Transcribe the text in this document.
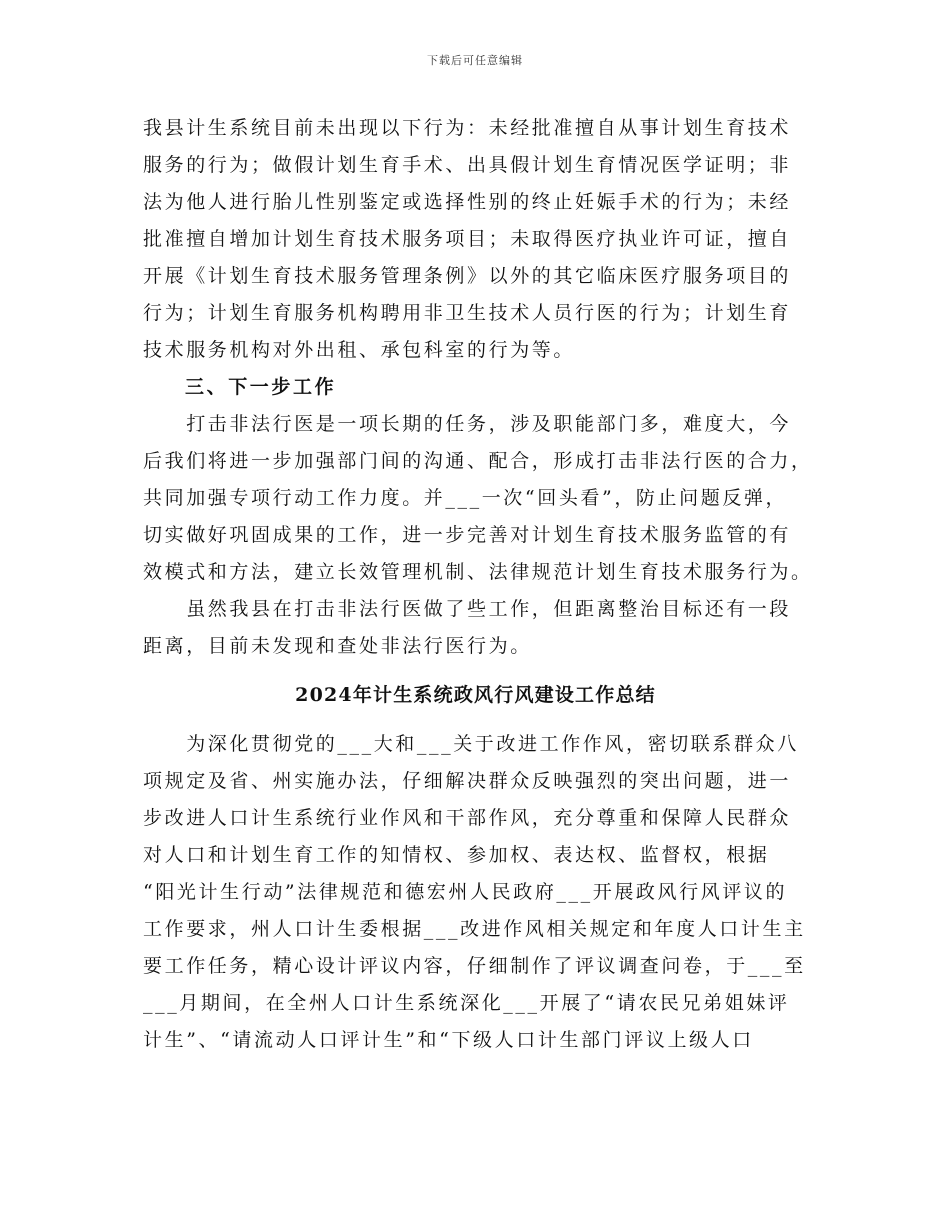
下载后可任意编辑
我县计生系统目前未出现以下行为：未经批准擅自从事计划生育技术
服务的行为；做假计划生育手术、出具假计划生育情况医学证明；非
法为他人进行胎儿性别鉴定或选择性别的终止妊娠手术的行为；未经
批准擅自增加计划生育技术服务项目；未取得医疗执业许可证，擅自
开展《计划生育技术服务管理条例》以外的其它临床医疗服务项目的
行为；计划生育服务机构聘用非卫生技术人员行医的行为；计划生育
技术服务机构对外出租、承包科室的行为等。
三、下一步工作
　　打击非法行医是一项长期的任务，涉及职能部门多，难度大，今
后我们将进一步加强部门间的沟通、配合，形成打击非法行医的合力，
共同加强专项行动工作力度。并___一次“回头看”，防止问题反弹，
切实做好巩固成果的工作，进一步完善对计划生育技术服务监管的有
效模式和方法，建立长效管理机制、法律规范计划生育技术服务行为。
　　虽然我县在打击非法行医做了些工作，但距离整治目标还有一段
距离，目前未发现和查处非法行医行为。
2024年计生系统政风行风建设工作总结
　　为深化贯彻党的___大和___关于改进工作作风，密切联系群众八
项规定及省、州实施办法，仔细解决群众反映强烈的突出问题，进一
步改进人口计生系统行业作风和干部作风，充分尊重和保障人民群众
对人口和计划生育工作的知情权、参加权、表达权、监督权，根据
“阳光计生行动”法律规范和德宏州人民政府___开展政风行风评议的
工作要求，州人口计生委根据___改进作风相关规定和年度人口计生主
要工作任务，精心设计评议内容，仔细制作了评议调查问卷，于___至
___月期间，在全州人口计生系统深化___开展了“请农民兄弟姐妹评
计生”、“请流动人口评计生”和“下级人口计生部门评议上级人口
